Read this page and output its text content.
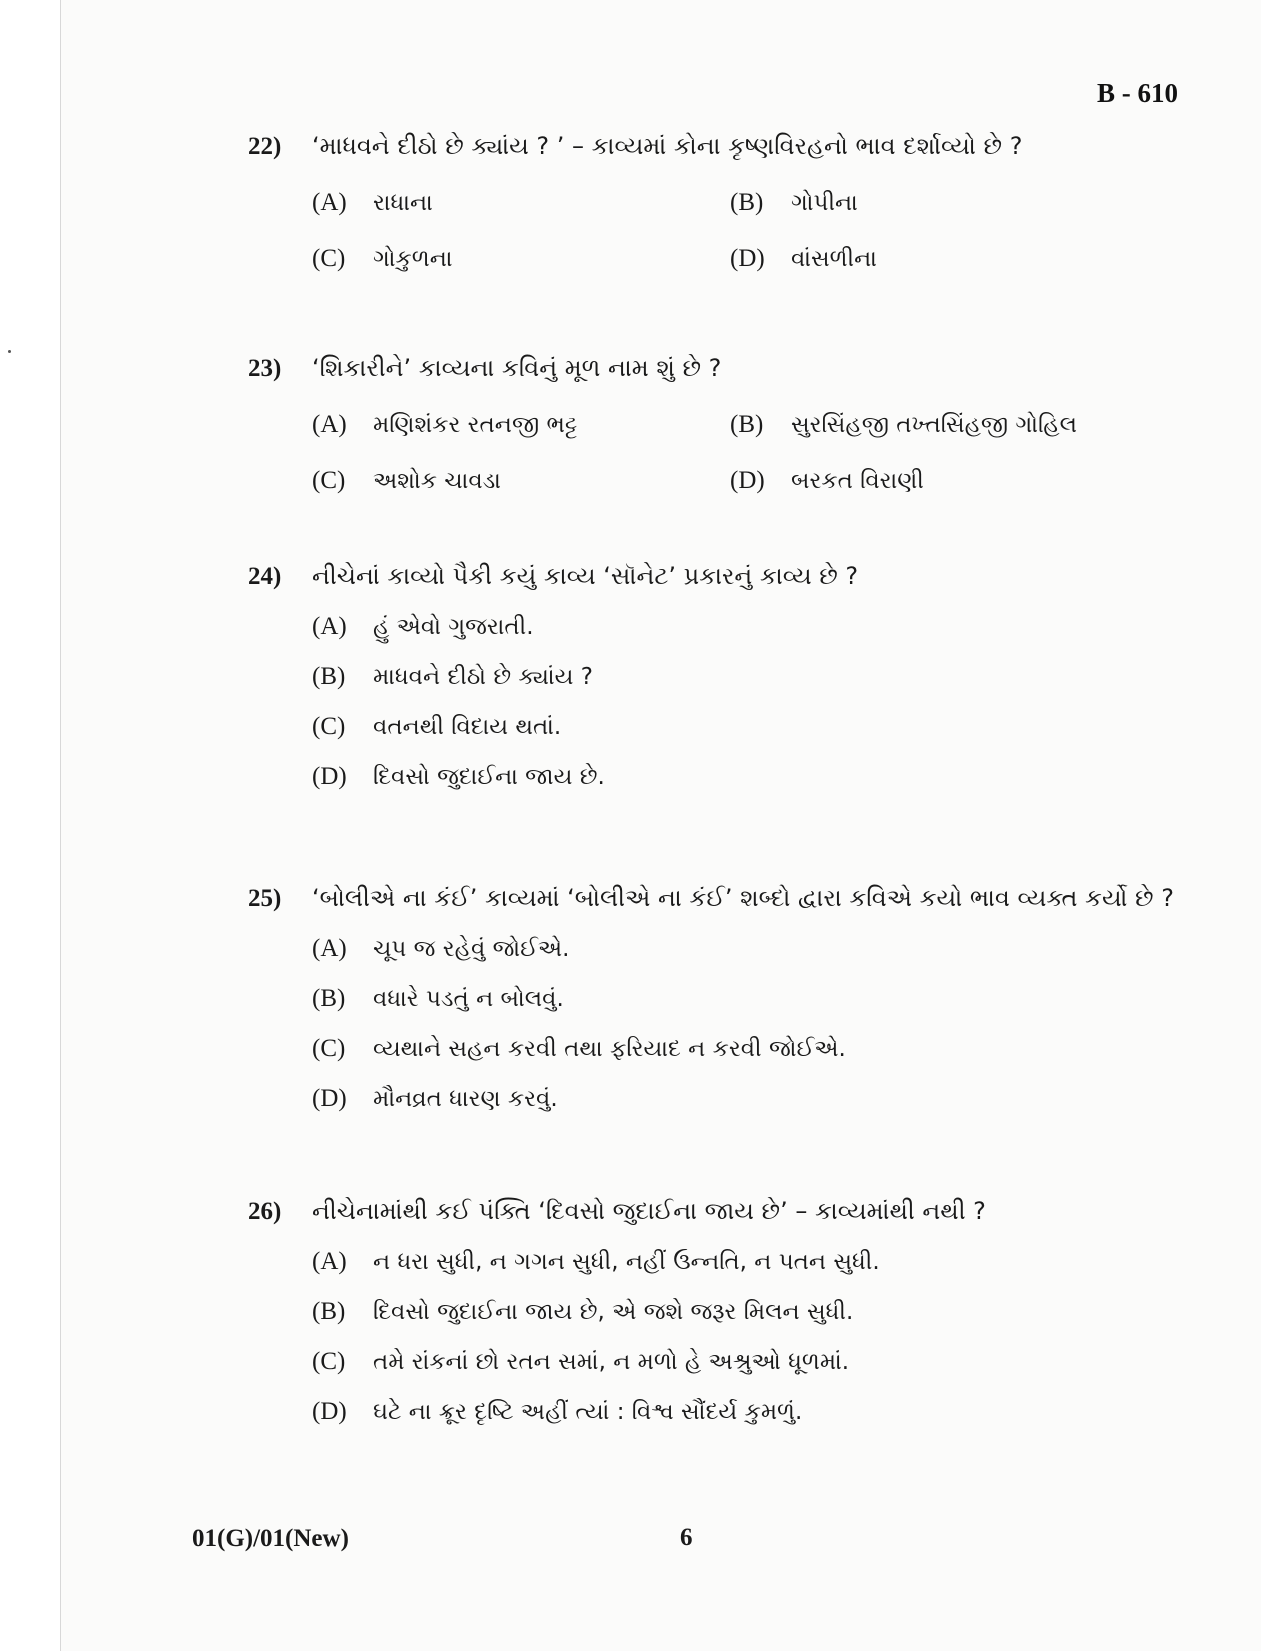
B - 610
22)	‘માધવને દીઠો છે ક્યાંય ? ’ – કાવ્યમાં કોના કૃષ્ણવિરહનો ભાવ દર્શાવ્યો છે ?
(A)	રાધાના	(B)	ગોપીના
(C)	ગોકુળના	(D)	વાંસળીના
23)	‘શિકારીને’ કાવ્યના કવિનું મૂળ નામ શું છે ?
(A)	મણિશંકર રતનજી ભટ્ટ	(B)	સુરસિંહજી તખ્તસિંહજી ગોહિલ
(C)	અશોક ચાવડા	(D)	બરકત વિરાણી
24)	નીચેનાં કાવ્યો પૈકી કયું કાવ્ય ‘સૉનેટ’ પ્રકારનું કાવ્ય છે ?
(A)	હું એવો ગુજરાતી.
(B)	માધવને દીઠો છે ક્યાંય ?
(C)	વતનથી વિદાય થતાં.
(D)	દિવસો જુદાઈના જાય છે.
25)	‘બોલીએ ના કંઈ’ કાવ્યમાં ‘બોલીએ ના કંઈ’ શબ્દો દ્વારા કવિએ કયો ભાવ વ્યક્ત કર્યો છે ?
(A)	ચૂપ જ રહેવું જોઈએ.
(B)	વધારે પડતું ન બોલવું.
(C)	વ્યથાને સહન કરવી તથા ફરિયાદ ન કરવી જોઈએ.
(D)	મૌનવ્રત ધારણ કરવું.
26)	નીચેનામાંથી કઈ પંક્તિ ‘દિવસો જુદાઈના જાય છે’ – કાવ્યમાંથી નથી ?
(A)	ન ધરા સુધી, ન ગગન સુધી, નહીં ઉન્નતિ, ન પતન સુધી.
(B)	દિવસો જુદાઈના જાય છે, એ જશે જરૂર મિલન સુધી.
(C)	તમે રાંકનાં છો રતન સમાં, ન મળો હે અશ્રુઓ ધૂળમાં.
(D)	ઘટે ના ક્રૂર દૃષ્ટિ અહીં ત્યાં : વિશ્વ સૌંદર્ય કુમળું.
01(G)/01(New)	6
